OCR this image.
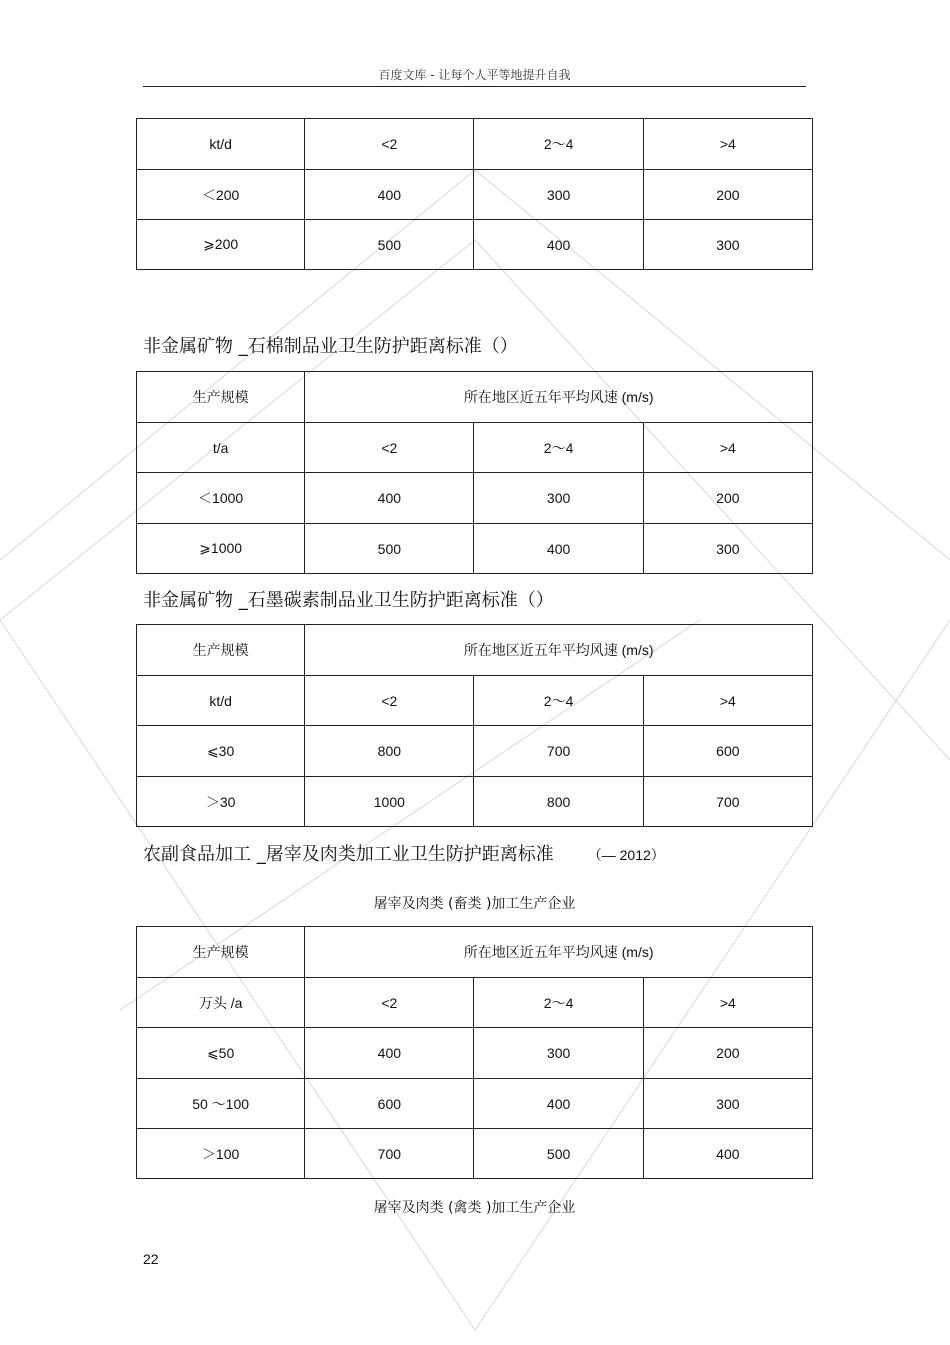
百度文库 - 让每个人平等地提升自我
kt/d	<2	2～4	>4
＜200	400	300	200
⩾200	500	400	300
非金属矿物 _石棉制品业卫生防护距离标准（）
生产规模	所在地区近五年平均风速 (m/s)		
t/a	<2	2～4	>4
＜1000	400	300	200
⩾1000	500	400	300
非金属矿物 _石墨碳素制品业卫生防护距离标准（）
生产规模	所在地区近五年平均风速 (m/s)		
kt/d	<2	2～4	>4
⩽30	800	700	600
＞30	1000	800	700
农副食品加工 _屠宰及肉类加工业卫生防护距离标准 （— 2012）
屠宰及肉类 (畜类 )加工生产企业
生产规模	所在地区近五年平均风速 (m/s)		
万头 /a	<2	2～4	>4
⩽50	400	300	200
50 ～100	600	400	300
＞100	700	500	400
屠宰及肉类 (禽类 )加工生产企业
22
